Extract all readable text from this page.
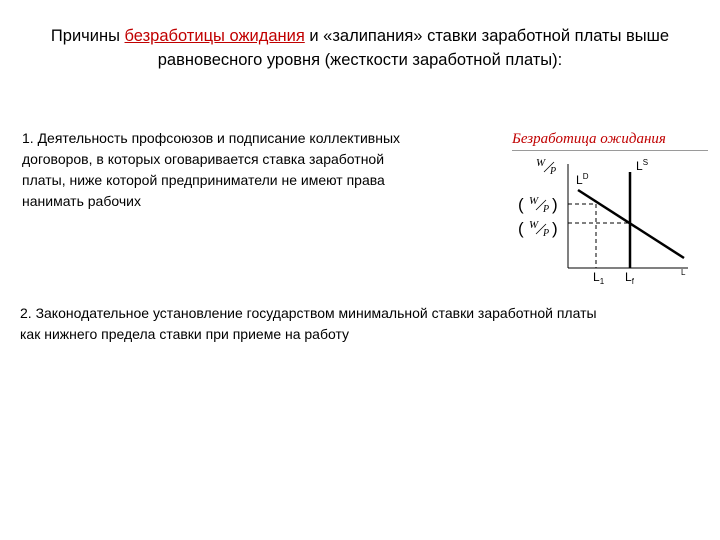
Причины безработицы ожидания и «залипания» ставки заработной платы выше равновесного уровня (жесткости заработной платы):
1. Деятельность профсоюзов и подписание коллективных договоров, в которых оговаривается ставка заработной платы, ниже которой предприниматели не имеют права нанимать рабочих
2. Законодательное установление государством минимальной ставки заработной платы как нижнего предела ставки при приеме на работу
Безработица ожидания
W
P
( W
P )
( W
P )
$L^D$
$L^S$
$L_1$ $L_f$
L
